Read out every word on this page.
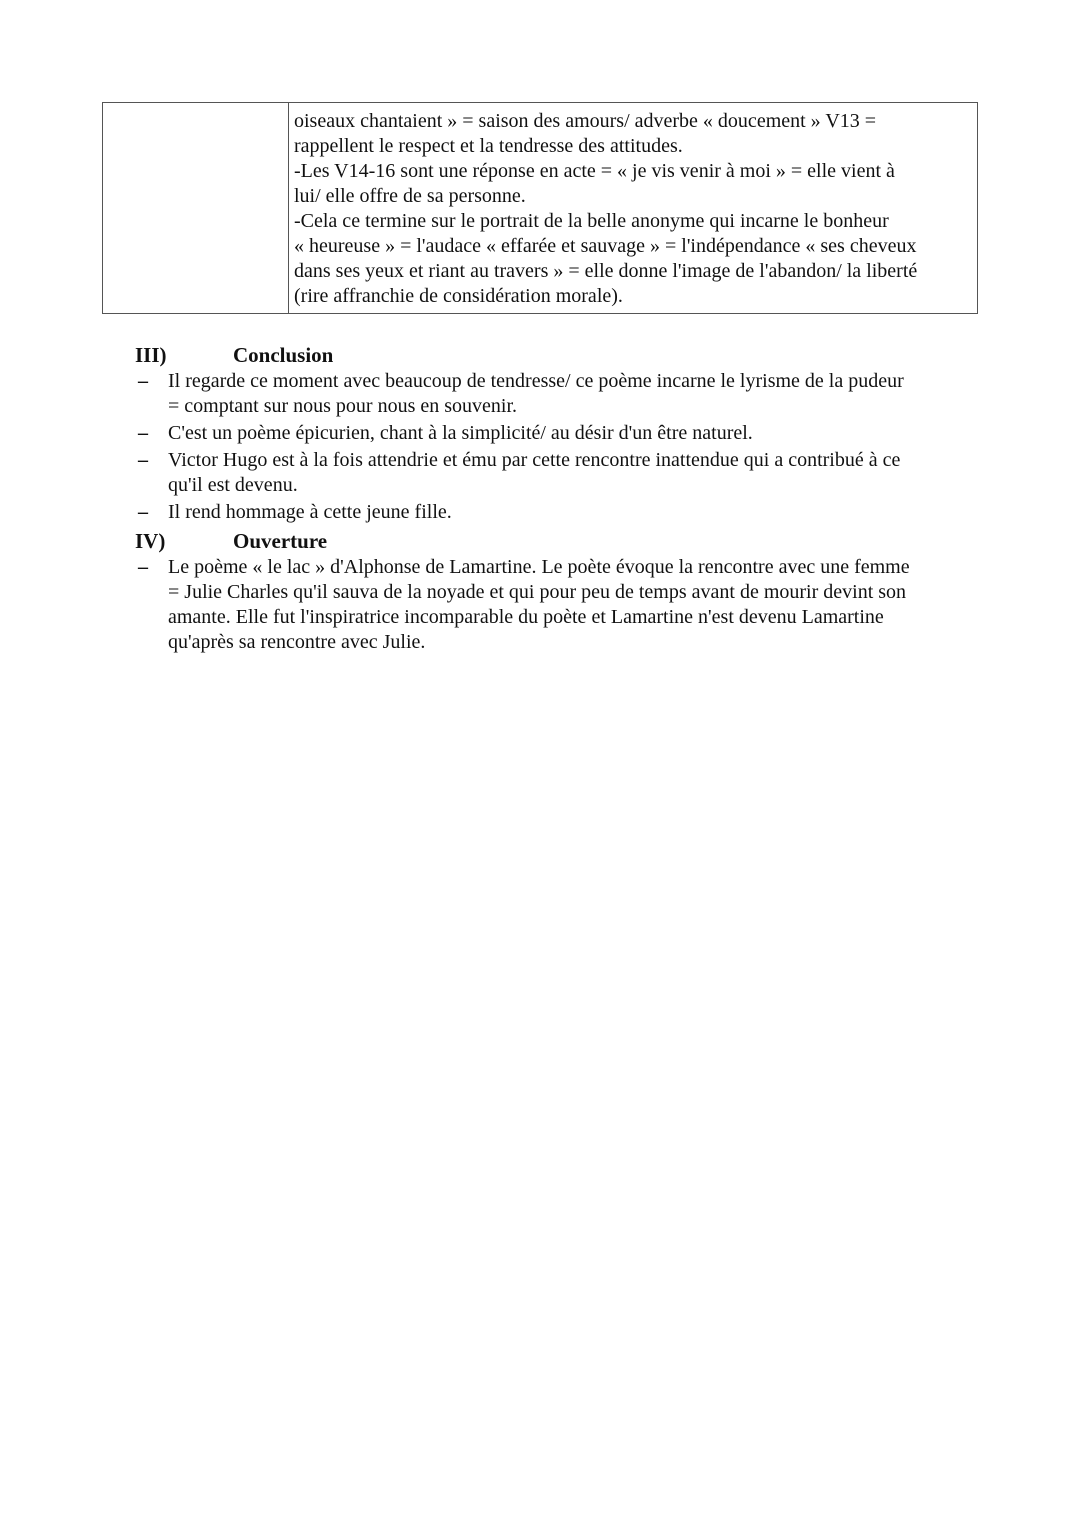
oiseaux chantaient » = saison des amours/ adverbe « doucement » V13 =
rappellent le respect et la tendresse des attitudes.
-Les V14-16 sont une réponse en acte = « je vis venir à moi » = elle vient à
lui/ elle offre de sa personne.
-Cela ce termine sur le portrait de la belle anonyme qui incarne le bonheur
« heureuse » = l'audace « effarée et sauvage » = l'indépendance « ses cheveux
dans ses yeux et riant au travers » = elle donne l'image de l'abandon/ la liberté
(rire affranchie de considération morale).
III)	Conclusion
–	Il regarde ce moment avec beaucoup de tendresse/ ce poème incarne le lyrisme de la pudeur
= comptant sur nous pour nous en souvenir.
–	C'est un poème épicurien, chant à la simplicité/ au désir d'un être naturel.
–	Victor Hugo est à la fois attendrie et ému par cette rencontre inattendue qui a contribué à ce
qu'il est devenu.
–	Il rend hommage à cette jeune fille.
IV)	Ouverture
–	Le poème « le lac » d'Alphonse de Lamartine. Le poète évoque la rencontre avec une femme
= Julie Charles qu'il sauva de la noyade et qui pour peu de temps avant de mourir devint son
amante. Elle fut l'inspiratrice incomparable du poète et Lamartine n'est devenu Lamartine
qu'après sa rencontre avec Julie.
